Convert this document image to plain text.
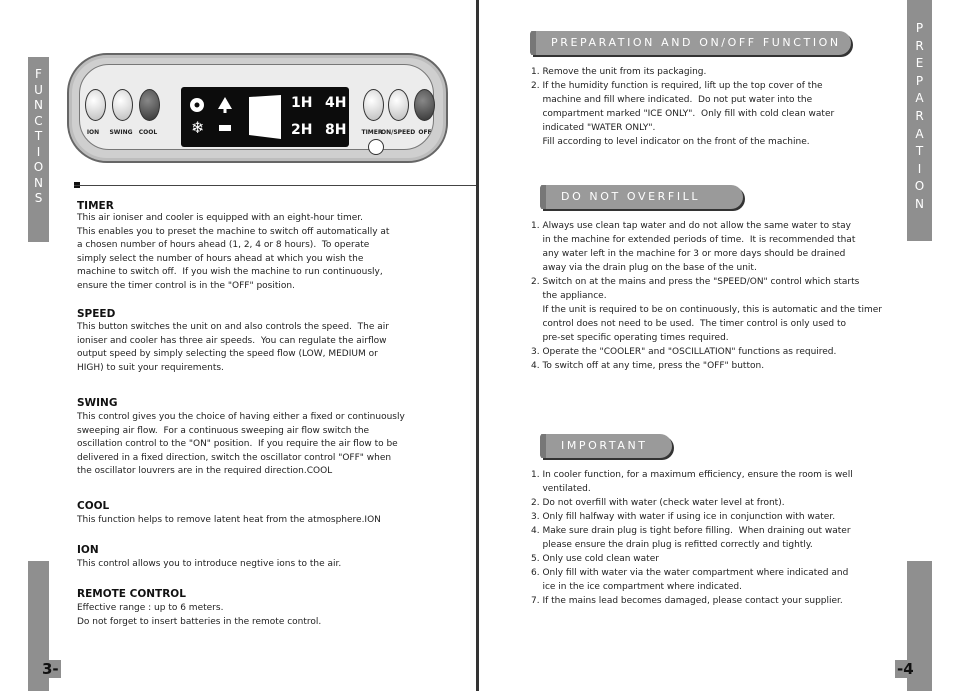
F
U
N
C
T
I
O
N
S
3-
ION	SWING	COOL	❄
1H 4H
2H 8H	TIMER
ON/SPEED OFF
TIMER
This air ioniser and cooler is equipped with an eight-hour timer.
This enables you to preset the machine to switch off automatically at
a chosen number of hours ahead (1, 2, 4 or 8 hours).  To operate
simply select the number of hours ahead at which you wish the
machine to switch off.  If you wish the machine to run continuously,
ensure the timer control is in the "OFF" position.
SPEED
This button switches the unit on and also controls the speed.  The air
ioniser and cooler has three air speeds.  You can regulate the airflow
output speed by simply selecting the speed flow (LOW, MEDIUM or
HIGH) to suit your requirements.
SWING
This control gives you the choice of having either a fixed or continuously
sweeping air flow.  For a continuous sweeping air flow switch the
oscillation control to the "ON" position.  If you require the air flow to be
delivered in a fixed direction, switch the oscillator control "OFF" when
the oscillator louvrers are in the required direction.COOL
COOL
This function helps to remove latent heat from the atmosphere.ION
ION
This control allows you to introduce negtive ions to the air.
REMOTE CONTROL
Effective range : up to 6 meters.
Do not forget to insert batteries in the remote control.
P
R
E
P
A
R
A
T
I
O
N
-4
PREPARATION AND ON/OFF FUNCTION
1. Remove the unit from its packaging.
2. If the humidity function is required, lift up the top cover of the
machine and fill where indicated.  Do not put water into the
compartment marked "ICE ONLY".  Only fill with cold clean water
indicated "WATER ONLY".
Fill according to level indicator on the front of the machine.
DO NOT OVERFILL
1. Always use clean tap water and do not allow the same water to stay
in the machine for extended periods of time.  It is recommended that
any water left in the machine for 3 or more days should be drained
away via the drain plug on the base of the unit.
2. Switch on at the mains and press the "SPEED/ON" control which starts
the appliance.
If the unit is required to be on continuously, this is automatic and the timer
control does not need to be used.  The timer control is only used to
pre-set specific operating times required.
3. Operate the "COOLER" and "OSCILLATION" functions as required.
4. To switch off at any time, press the "OFF" button.
IMPORTANT
1. In cooler function, for a maximum efficiency, ensure the room is well
ventilated.
2. Do not overfill with water (check water level at front).
3. Only fill halfway with water if using ice in conjunction with water.
4. Make sure drain plug is tight before filling.  When draining out water
please ensure the drain plug is refitted correctly and tightly.
5. Only use cold clean water
6. Only fill with water via the water compartment where indicated and
ice in the ice compartment where indicated.
7. If the mains lead becomes damaged, please contact your supplier.
